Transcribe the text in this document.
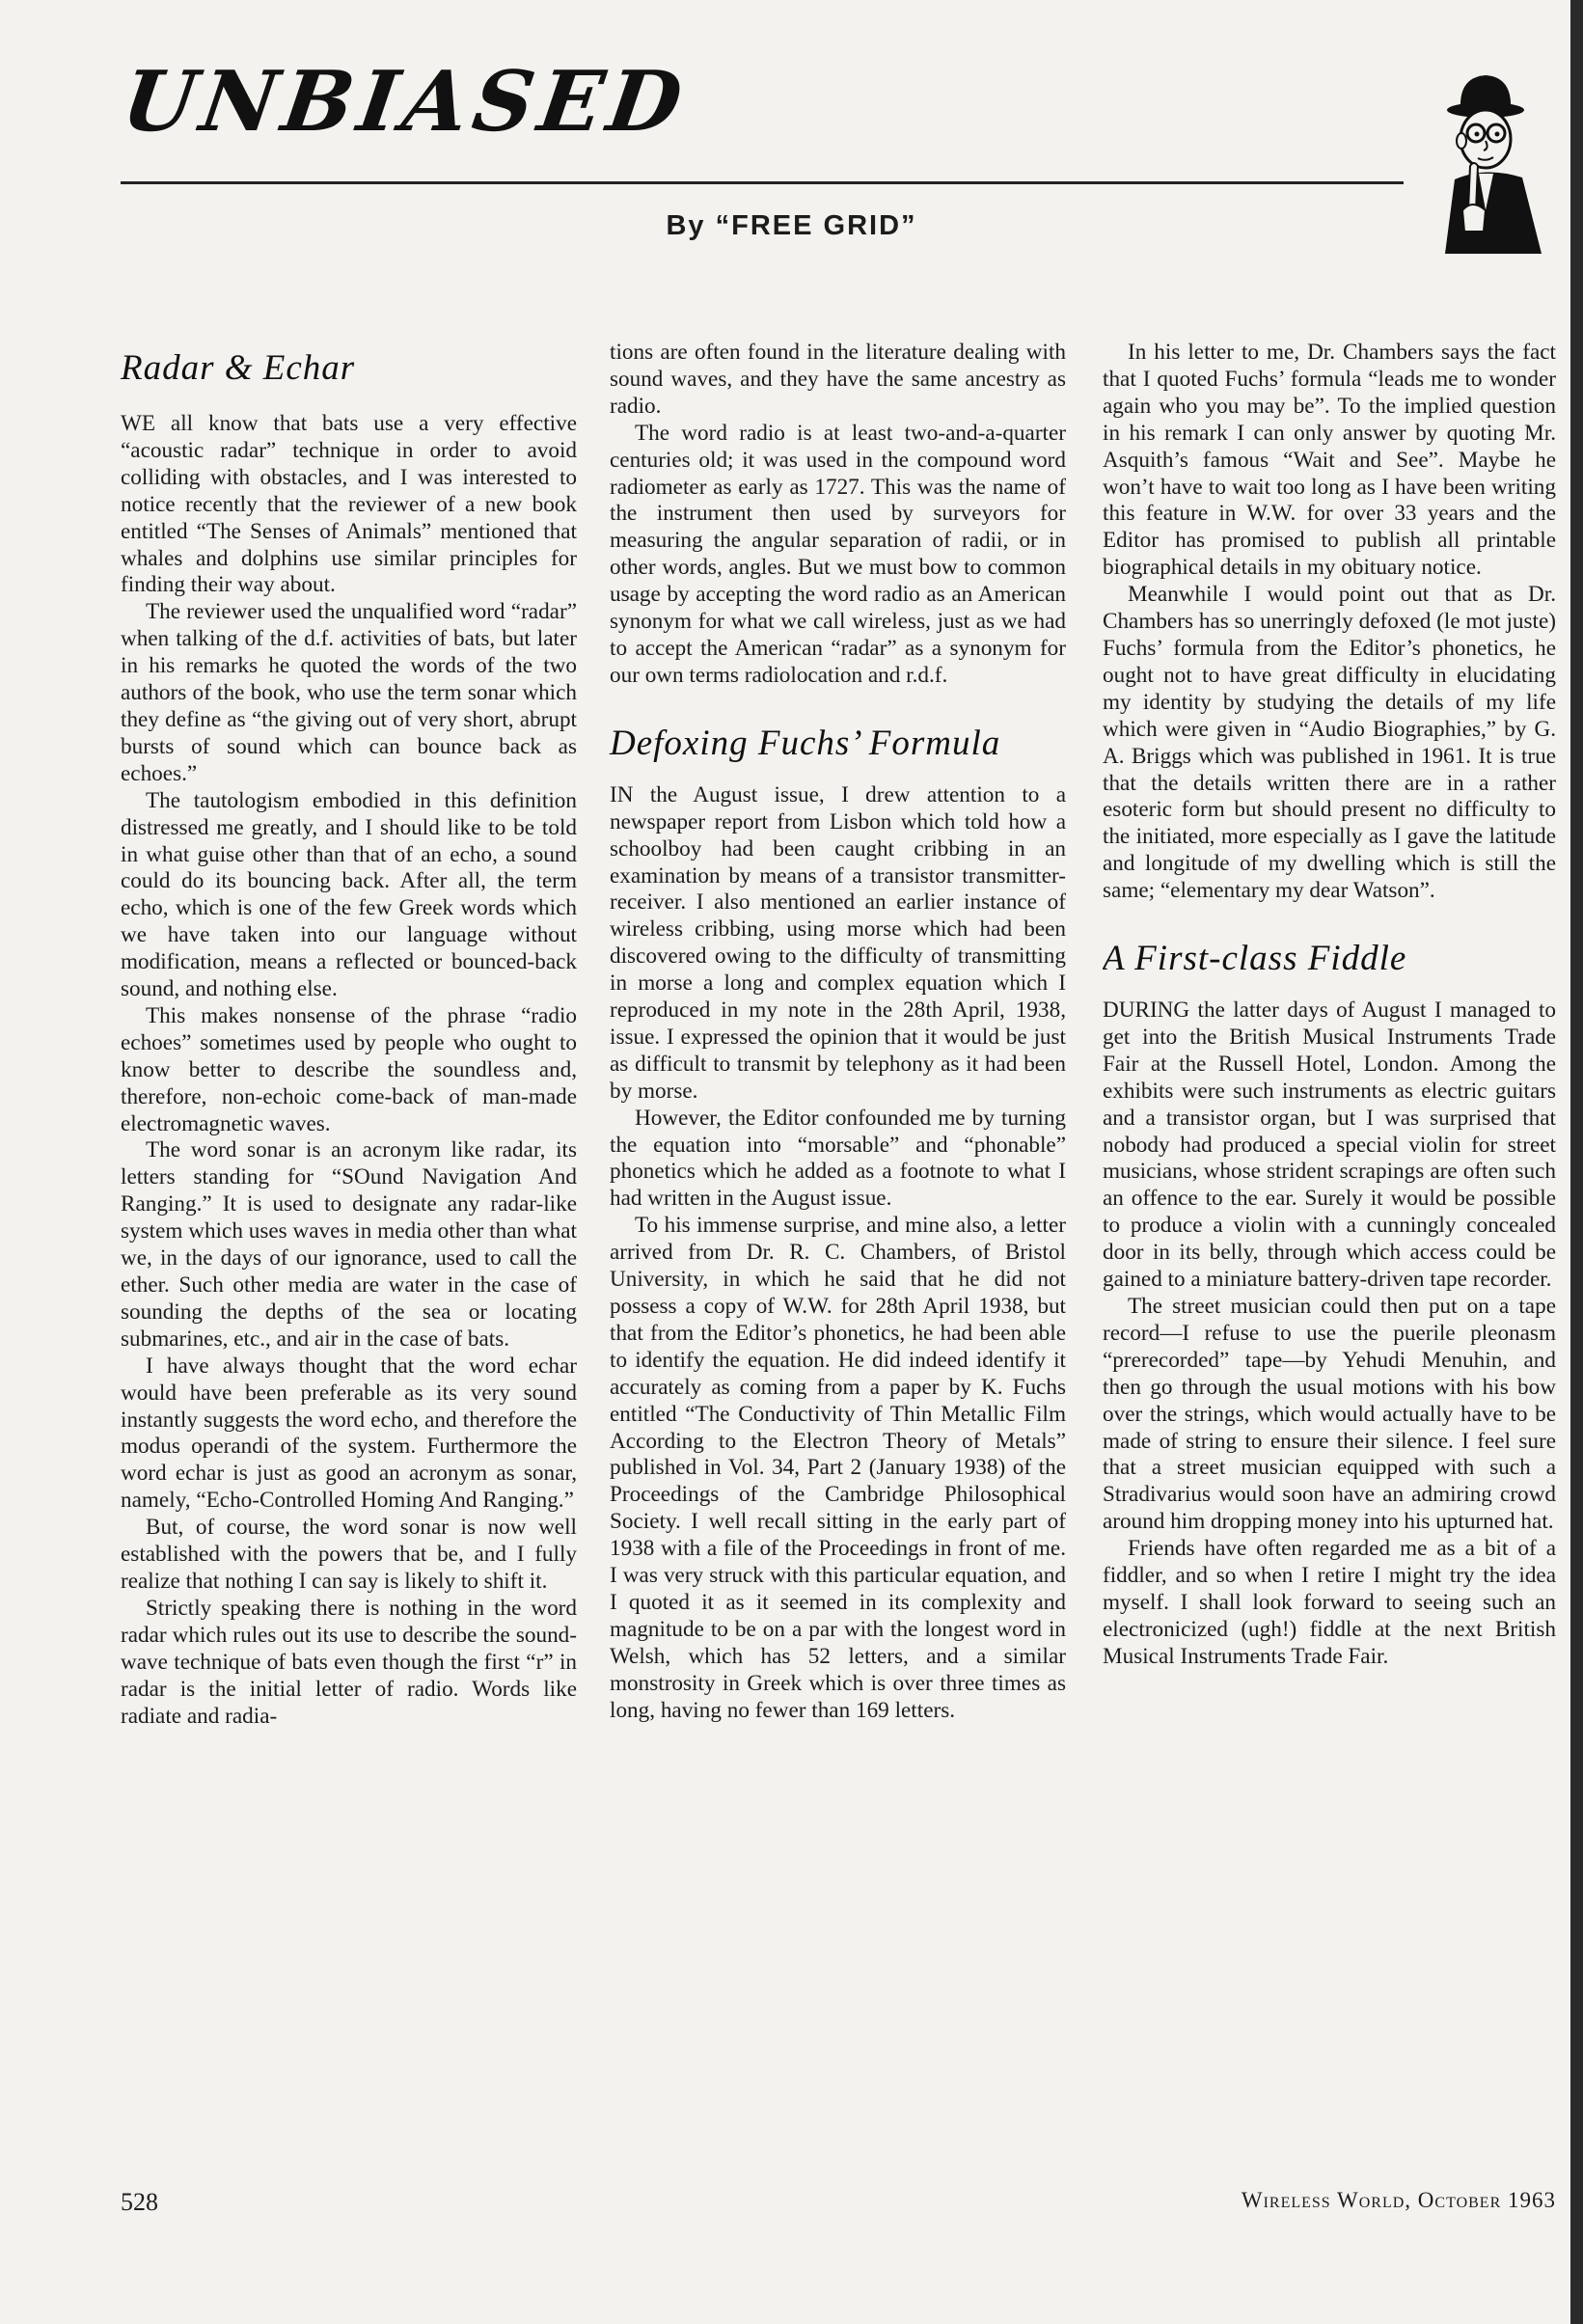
UNBIASED
By “FREE GRID”
Radar & Echar

WE all know that bats use a very effective “acoustic radar” technique in order to avoid colliding with obstacles, and I was interested to notice recently that the reviewer of a new book entitled “The Senses of Animals” mentioned that whales and dolphins use similar principles for finding their way about.

The reviewer used the unqualified word “radar” when talking of the d.f. activities of bats, but later in his remarks he quoted the words of the two authors of the book, who use the term sonar which they define as “the giving out of very short, abrupt bursts of sound which can bounce back as echoes.”

The tautologism embodied in this definition distressed me greatly, and I should like to be told in what guise other than that of an echo, a sound could do its bouncing back. After all, the term echo, which is one of the few Greek words which we have taken into our language without modification, means a reflected or bounced-back sound, and nothing else.

This makes nonsense of the phrase “radio echoes” sometimes used by people who ought to know better to describe the soundless and, therefore, non-echoic come-back of man-made electromagnetic waves.

The word sonar is an acronym like radar, its letters standing for “SOund Navigation And Ranging.” It is used to designate any radar-like system which uses waves in media other than what we, in the days of our ignorance, used to call the ether. Such other media are water in the case of sounding the depths of the sea or locating submarines, etc., and air in the case of bats.

I have always thought that the word echar would have been preferable as its very sound instantly suggests the word echo, and therefore the modus operandi of the system. Furthermore the word echar is just as good an acronym as sonar, namely, “Echo-Controlled Homing And Ranging.”

But, of course, the word sonar is now well established with the powers that be, and I fully realize that nothing I can say is likely to shift it.

Strictly speaking there is nothing in the word radar which rules out its use to describe the sound-wave technique of bats even though the first “r” in radar is the initial letter of radio. Words like radiate and radia-

tions are often found in the literature dealing with sound waves, and they have the same ancestry as radio.

The word radio is at least two-and-a-quarter centuries old; it was used in the compound word radiometer as early as 1727. This was the name of the instrument then used by surveyors for measuring the angular separation of radii, or in other words, angles. But we must bow to common usage by accepting the word radio as an American synonym for what we call wireless, just as we had to accept the American “radar” as a synonym for our own terms radiolocation and r.d.f.

Defoxing Fuchs’ Formula

IN the August issue, I drew attention to a newspaper report from Lisbon which told how a schoolboy had been caught cribbing in an examination by means of a transistor transmitter-receiver. I also mentioned an earlier instance of wireless cribbing, using morse which had been discovered owing to the difficulty of transmitting in morse a long and complex equation which I reproduced in my note in the 28th April, 1938, issue. I expressed the opinion that it would be just as difficult to transmit by telephony as it had been by morse.

However, the Editor confounded me by turning the equation into “morsable” and “phonable” phonetics which he added as a footnote to what I had written in the August issue.

To his immense surprise, and mine also, a letter arrived from Dr. R. C. Chambers, of Bristol University, in which he said that he did not possess a copy of W.W. for 28th April 1938, but that from the Editor’s phonetics, he had been able to identify the equation. He did indeed identify it accurately as coming from a paper by K. Fuchs entitled “The Conductivity of Thin Metallic Film According to the Electron Theory of Metals” published in Vol. 34, Part 2 (January 1938) of the Proceedings of the Cambridge Philosophical Society. I well recall sitting in the early part of 1938 with a file of the Proceedings in front of me. I was very struck with this particular equation, and I quoted it as it seemed in its complexity and magnitude to be on a par with the longest word in Welsh, which has 52 letters, and a similar monstrosity in Greek which is over three times as long, having no fewer than 169 letters.

In his letter to me, Dr. Chambers says the fact that I quoted Fuchs’ formula “leads me to wonder again who you may be”. To the implied question in his remark I can only answer by quoting Mr. Asquith’s famous “Wait and See”. Maybe he won’t have to wait too long as I have been writing this feature in W.W. for over 33 years and the Editor has promised to publish all printable biographical details in my obituary notice.

Meanwhile I would point out that as Dr. Chambers has so unerringly defoxed (le mot juste) Fuchs’ formula from the Editor’s phonetics, he ought not to have great difficulty in elucidating my identity by studying the details of my life which were given in “Audio Biographies,” by G. A. Briggs which was published in 1961. It is true that the details written there are in a rather esoteric form but should present no difficulty to the initiated, more especially as I gave the latitude and longitude of my dwelling which is still the same; “elementary my dear Watson”.

A First-class Fiddle

DURING the latter days of August I managed to get into the British Musical Instruments Trade Fair at the Russell Hotel, London. Among the exhibits were such instruments as electric guitars and a transistor organ, but I was surprised that nobody had produced a special violin for street musicians, whose strident scrapings are often such an offence to the ear. Surely it would be possible to produce a violin with a cunningly concealed door in its belly, through which access could be gained to a miniature battery-driven tape recorder.

The street musician could then put on a tape record—I refuse to use the puerile pleonasm “prerecorded” tape—by Yehudi Menuhin, and then go through the usual motions with his bow over the strings, which would actually have to be made of string to ensure their silence. I feel sure that a street musician equipped with such a Stradivarius would soon have an admiring crowd around him dropping money into his upturned hat.

Friends have often regarded me as a bit of a fiddler, and so when I retire I might try the idea myself. I shall look forward to seeing such an electronicized (ugh!) fiddle at the next British Musical Instruments Trade Fair.

528	Wireless World, October 1963
